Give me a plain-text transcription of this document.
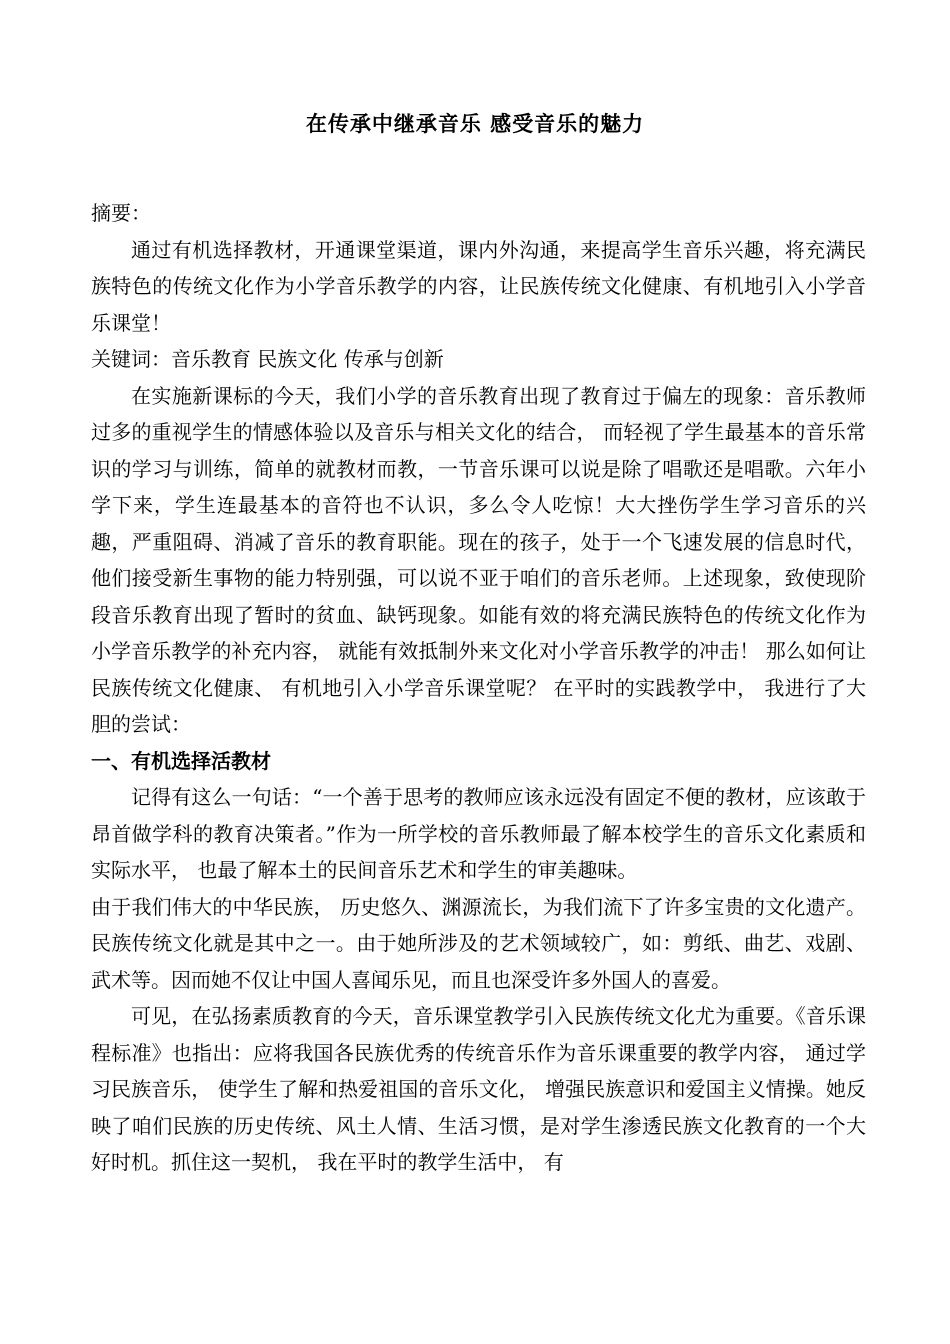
在传承中继承音乐 感受音乐的魅力

摘要：

通过有机选择教材，开通课堂渠道，课内外沟通，来提高学生音乐兴趣，将充满民族特色的传统文化作为小学音乐教学的内容，让民族传统文化健康、有机地引入小学音乐课堂！

关键词：音乐教育 民族文化 传承与创新

在实施新课标的今天，我们小学的音乐教育出现了教育过于偏左的现象：音乐教师过多的重视学生的情感体验以及音乐与相关文化的结合， 而轻视了学生最基本的音乐常识的学习与训练，简单的就教材而教，一节音乐课可以说是除了唱歌还是唱歌。六年小学下来，学生连最基本的音符也不认识，多么令人吃惊！大大挫伤学生学习音乐的兴趣，严重阻碍、消减了音乐的教育职能。现在的孩子，处于一个飞速发展的信息时代，他们接受新生事物的能力特别强，可以说不亚于咱们的音乐老师。上述现象，致使现阶段音乐教育出现了暂时的贫血、缺钙现象。如能有效的将充满民族特色的传统文化作为小学音乐教学的补充内容， 就能有效抵制外来文化对小学音乐教学的冲击！ 那么如何让民族传统文化健康、 有机地引入小学音乐课堂呢？ 在平时的实践教学中， 我进行了大胆的尝试：

一、有机选择活教材

记得有这么一句话：“一个善于思考的教师应该永远没有固定不便的教材，应该敢于昂首做学科的教育决策者。”作为一所学校的音乐教师最了解本校学生的音乐文化素质和实际水平， 也最了解本土的民间音乐艺术和学生的审美趣味。

由于我们伟大的中华民族， 历史悠久、渊源流长，为我们流下了许多宝贵的文化遗产。民族传统文化就是其中之一。由于她所涉及的艺术领域较广，如：剪纸、曲艺、戏剧、武术等。因而她不仅让中国人喜闻乐见，而且也深受许多外国人的喜爱。

可见，在弘扬素质教育的今天，音乐课堂教学引入民族传统文化尤为重要。《音乐课程标准》也指出：应将我国各民族优秀的传统音乐作为音乐课重要的教学内容， 通过学习民族音乐， 使学生了解和热爱祖国的音乐文化， 增强民族意识和爱国主义情操。她反映了咱们民族的历史传统、风土人情、生活习惯，是对学生渗透民族文化教育的一个大好时机。抓住这一契机， 我在平时的教学生活中， 有
